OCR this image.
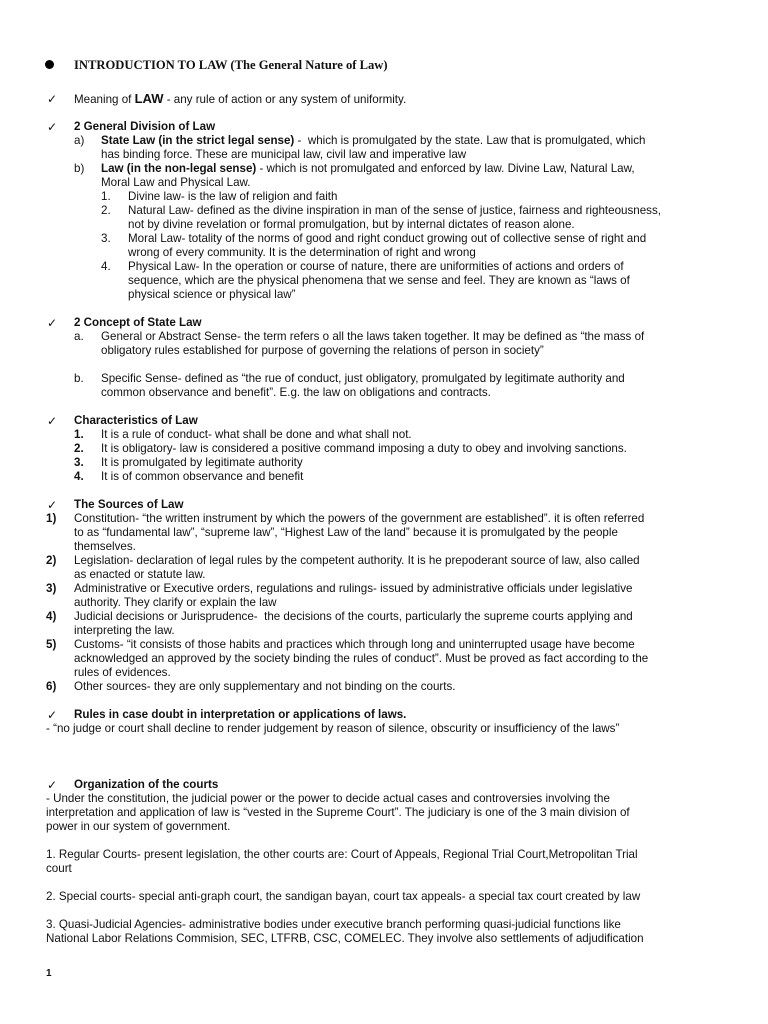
INTRODUCTION TO LAW (The General Nature of Law)
✓ Meaning of LAW - any rule of action or any system of uniformity.
✓ 2 General Division of Law
a) State Law (in the strict legal sense) -  which is promulgated by the state. Law that is promulgated, which
has binding force. These are municipal law, civil law and imperative law
b) Law (in the non-legal sense) - which is not promulgated and enforced by law. Divine Law, Natural Law,
Moral Law and Physical Law.
1. Divine law- is the law of religion and faith
2. Natural Law- defined as the divine inspiration in man of the sense of justice, fairness and righteousness,
not by divine revelation or formal promulgation, but by internal dictates of reason alone.
3. Moral Law- totality of the norms of good and right conduct growing out of collective sense of right and
wrong of every community. It is the determination of right and wrong
4. Physical Law- In the operation or course of nature, there are uniformities of actions and orders of
sequence, which are the physical phenomena that we sense and feel. They are known as “laws of
physical science or physical law”
✓ 2 Concept of State Law
a. General or Abstract Sense- the term refers o all the laws taken together. It may be defined as “the mass of
obligatory rules established for purpose of governing the relations of person in society”
b. Specific Sense- defined as “the rue of conduct, just obligatory, promulgated by legitimate authority and
common observance and benefit”. E.g. the law on obligations and contracts.
✓ Characteristics of Law
1. It is a rule of conduct- what shall be done and what shall not.
2. It is obligatory- law is considered a positive command imposing a duty to obey and involving sanctions.
3. It is promulgated by legitimate authority
4. It is of common observance and benefit
✓ The Sources of Law
1) Constitution- “the written instrument by which the powers of the government are established”. it is often referred
to as “fundamental law”, “supreme law”, “Highest Law of the land” because it is promulgated by the people
themselves.
2) Legislation- declaration of legal rules by the competent authority. It is he prepoderant source of law, also called
as enacted or statute law.
3) Administrative or Executive orders, regulations and rulings- issued by administrative officials under legislative
authority. They clarify or explain the law
4) Judicial decisions or Jurisprudence-  the decisions of the courts, particularly the supreme courts applying and
interpreting the law.
5) Customs- “it consists of those habits and practices which through long and uninterrupted usage have become
acknowledged an approved by the society binding the rules of conduct”. Must be proved as fact according to the
rules of evidences.
6) Other sources- they are only supplementary and not binding on the courts.
✓ Rules in case doubt in interpretation or applications of laws.
- “no judge or court shall decline to render judgement by reason of silence, obscurity or insufficiency of the laws”
✓ Organization of the courts
- Under the constitution, the judicial power or the power to decide actual cases and controversies involving the
interpretation and application of law is “vested in the Supreme Court”. The judiciary is one of the 3 main division of
power in our system of government.
1. Regular Courts- present legislation, the other courts are: Court of Appeals, Regional Trial Court,Metropolitan Trial
court
2. Special courts- special anti-graph court, the sandigan bayan, court tax appeals- a special tax court created by law
3. Quasi-Judicial Agencies- administrative bodies under executive branch performing quasi-judicial functions like
National Labor Relations Commision, SEC, LTFRB, CSC, COMELEC. They involve also settlements of adjudification
1
